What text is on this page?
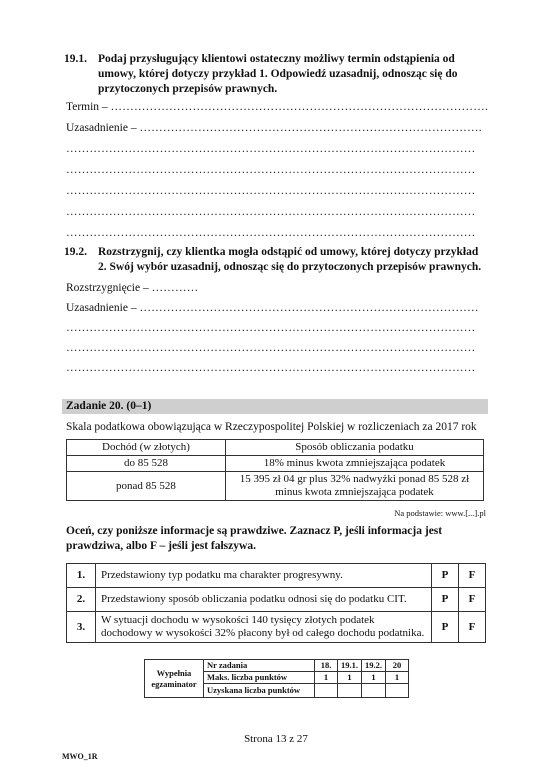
19.1. Podaj przysługujący klientowi ostateczny możliwy termin odstąpienia od umowy, której dotyczy przykład 1. Odpowiedź uzasadnij, odnosząc się do przytoczonych przepisów prawnych.
Termin – …………………………………………………………………………………….
Uzasadnienie – …………………………………………………………………………….
……………………………………………………………………………………………
……………………………………………………………………………………………
……………………………………………………………………………………………
……………………………………………………………………………………………
……………………………………………………………………………………………
19.2. Rozstrzygnij, czy klientka mogła odstąpić od umowy, której dotyczy przykład 2. Swój wybór uzasadnij, odnosząc się do przytoczonych przepisów prawnych.
Rozstrzygnięcie – …………
Uzasadnienie – ……………………………………………………………………………
……………………………………………………………………………………………
……………………………………………………………………………………………
……………………………………………………………………………………………
Zadanie 20. (0–1)
Skala podatkowa obowiązująca w Rzeczypospolitej Polskiej w rozliczeniach za 2017 rok
Dochód (w złotych)	Sposób obliczania podatku
do 85 528	18% minus kwota zmniejszająca podatek
ponad 85 528	15 395 zł 04 gr plus 32% nadwyżki ponad 85 528 zł
minus kwota zmniejszająca podatek
Na podstawie: www.[...].pl
Oceń, czy poniższe informacje są prawdziwe. Zaznacz P, jeśli informacja jest prawdziwa, albo F – jeśli jest fałszywa.
1.	Przedstawiony typ podatku ma charakter progresywny.	P	F
2.	Przedstawiony sposób obliczania podatku odnosi się do podatku CIT.	P	F
3.	W sytuacji dochodu w wysokości 140 tysięcy złotych podatek dochodowy w wysokości 32% płacony był od całego dochodu podatnika.	P	F
Wypełnia egzaminator	Nr zadania	18.	19.1.	19.2.	20
	Maks. liczba punktów	1	1	1	1
	Uzyskana liczba punktów				
Strona 13 z 27
MWO_1R
